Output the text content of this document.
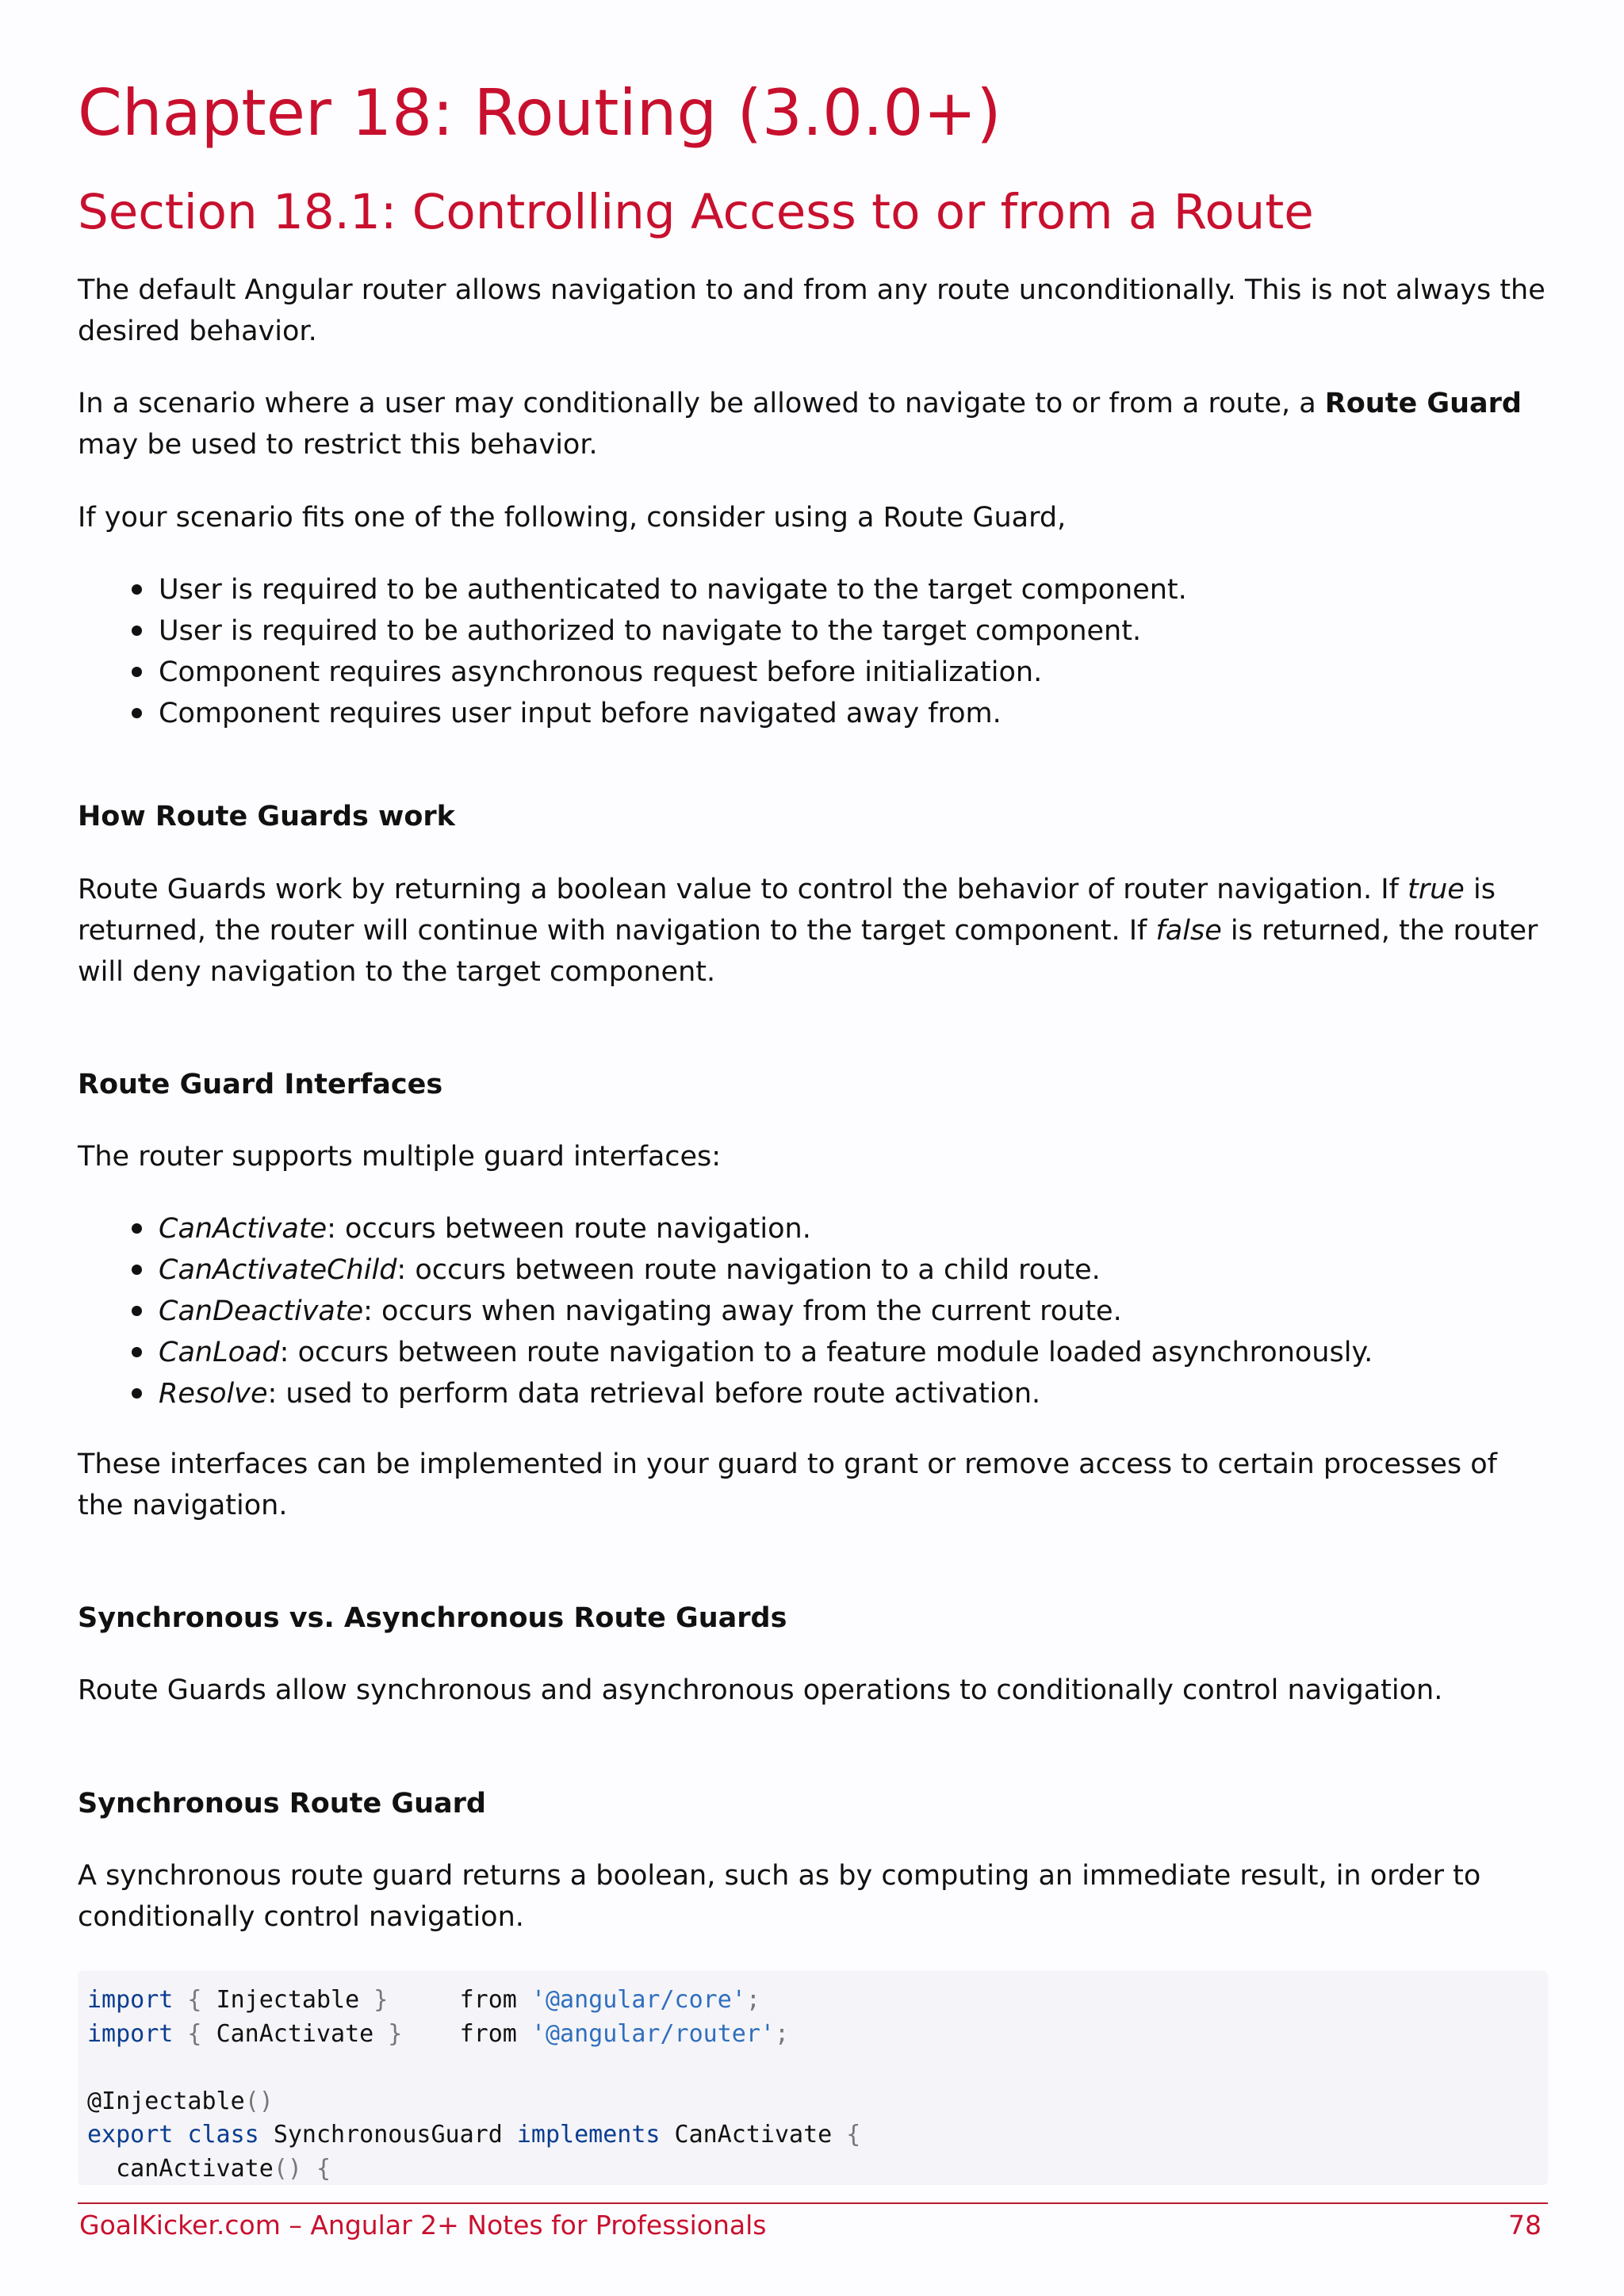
Chapter 18: Routing (3.0.0+)
Section 18.1: Controlling Access to or from a Route

The default Angular router allows navigation to and from any route unconditionally. This is not always the desired behavior.

In a scenario where a user may conditionally be allowed to navigate to or from a route, a Route Guard may be used to restrict this behavior.

If your scenario fits one of the following, consider using a Route Guard,

User is required to be authenticated to navigate to the target component.
User is required to be authorized to navigate to the target component.
Component requires asynchronous request before initialization.
Component requires user input before navigated away from.
How Route Guards work

Route Guards work by returning a boolean value to control the behavior of router navigation. If true is returned, the router will continue with navigation to the target component. If false is returned, the router will deny navigation to the target component.

Route Guard Interfaces

The router supports multiple guard interfaces:

CanActivate: occurs between route navigation.
CanActivateChild: occurs between route navigation to a child route.
CanDeactivate: occurs when navigating away from the current route.
CanLoad: occurs between route navigation to a feature module loaded asynchronously.
Resolve: used to perform data retrieval before route activation.

These interfaces can be implemented in your guard to grant or remove access to certain processes of the navigation.

Synchronous vs. Asynchronous Route Guards

Route Guards allow synchronous and asynchronous operations to conditionally control navigation.

Synchronous Route Guard

A synchronous route guard returns a boolean, such as by computing an immediate result, in order to conditionally control navigation.

import { Injectable }	from '@angular/core';
import { CanActivate } from '@angular/router';
@Injectable()
export class SynchronousGuard implements CanActivate {
canActivate() {
GoalKicker.com – Angular 2+ Notes for Professionals	78
